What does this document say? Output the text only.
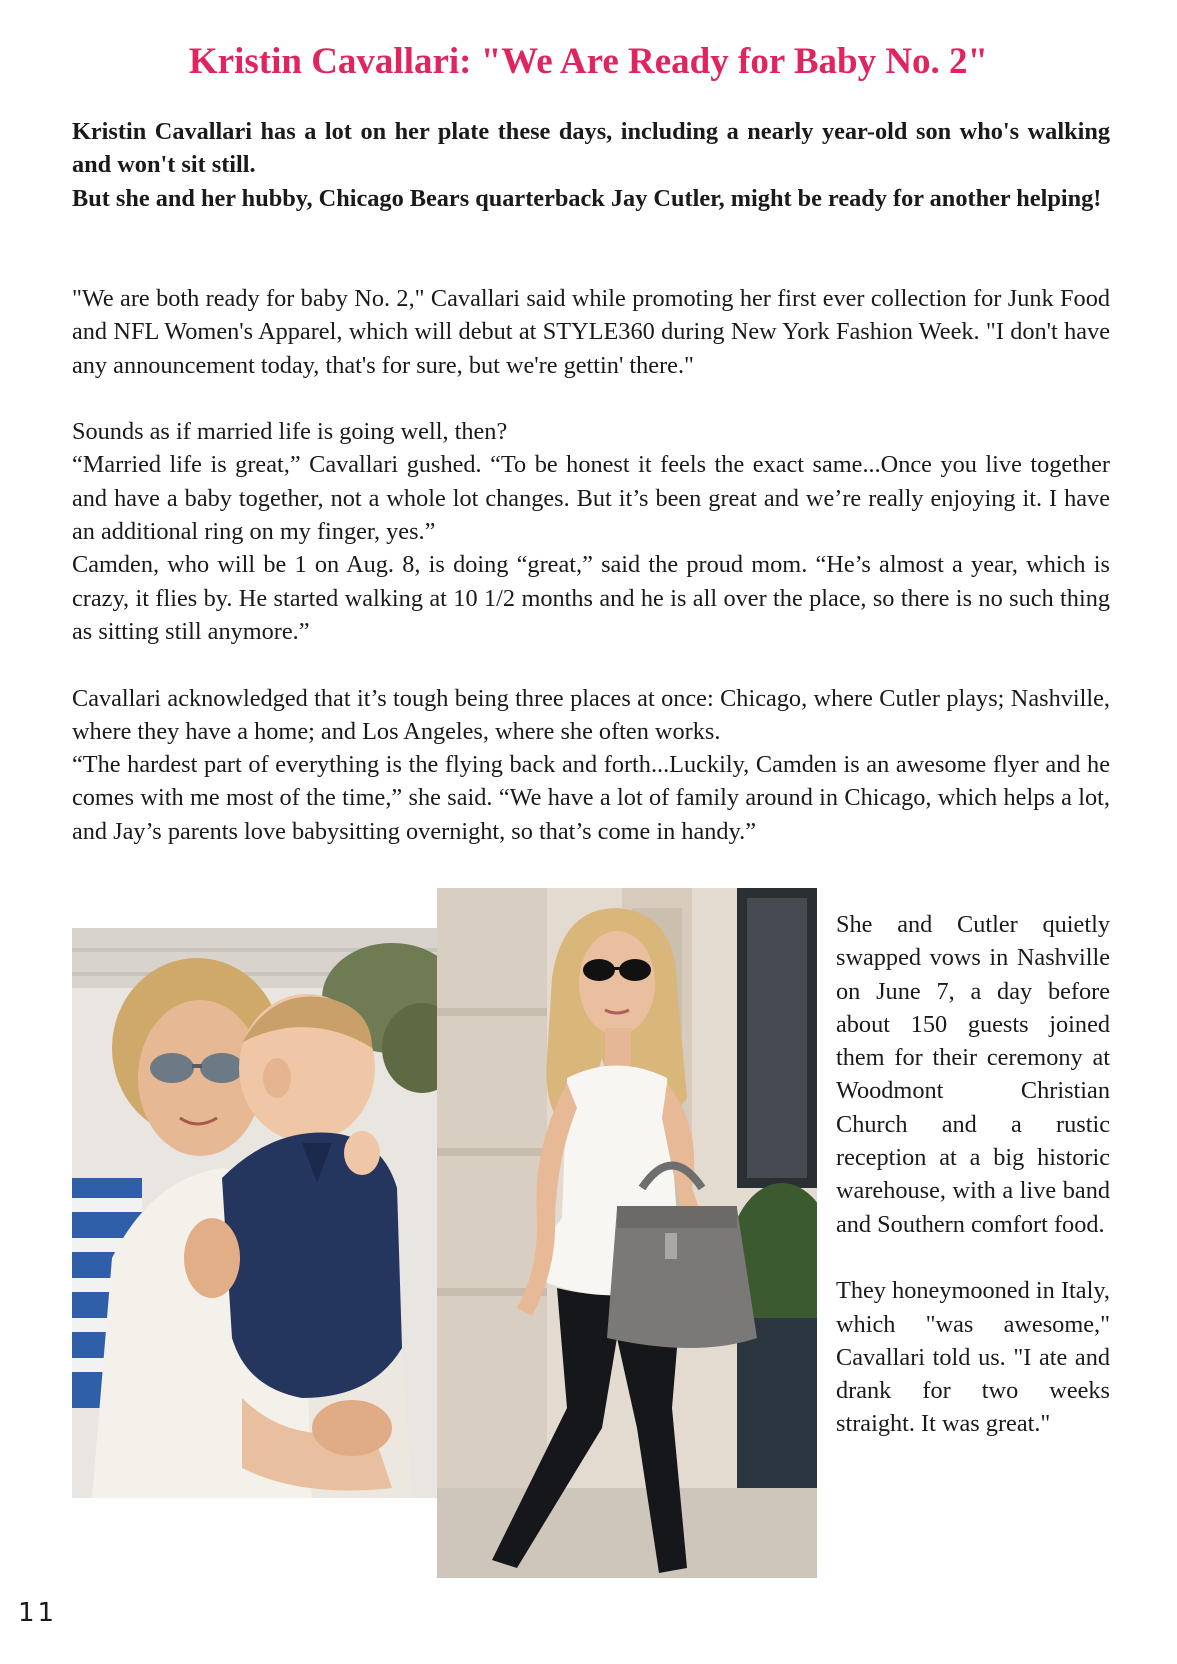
Kristin Cavallari: "We Are Ready for Baby No. 2"

Kristin Cavallari has a lot on her plate these days, including a nearly year-old son who's walking and won't sit still.

But she and her hubby, Chicago Bears quarterback Jay Cutler, might be ready for another helping!

"We are both ready for baby No. 2," Cavallari said while promoting her first ever collection for Junk Food and NFL Women's Apparel, which will debut at STYLE360 during New York Fashion Week. "I don't have any announcement today, that's for sure, but we're gettin' there."

Sounds as if married life is going well, then?

“Married life is great,” Cavallari gushed. “To be honest it feels the exact same...Once you live together and have a baby together, not a whole lot changes. But it’s been great and we’re really enjoying it. I have an additional ring on my finger, yes.”

Camden, who will be 1 on Aug. 8, is doing “great,” said the proud mom. “He’s almost a year, which is crazy, it flies by. He started walking at 10 1/2 months and he is all over the place, so there is no such thing as sitting still anymore.”

Cavallari acknowledged that it’s tough being three places at once: Chicago, where Cutler plays; Nashville, where they have a home; and Los Angeles, where she often works.

“The hardest part of everything is the flying back and forth...Luckily, Camden is an awesome flyer and he comes with me most of the time,” she said. “We have a lot of family around in Chicago, which helps a lot, and Jay’s parents love babysitting overnight, so that’s come in handy.”

She and Cutler quietly swapped vows in Nashville on June 7, a day before about 150 guests joined them for their ceremony at Woodmont Christian Church and a rustic reception at a big historic warehouse, with a live band and Southern comfort food.

They honeymooned in Italy, which "was awesome," Cavallari told us. "I ate and drank for two weeks straight. It was great."

11
